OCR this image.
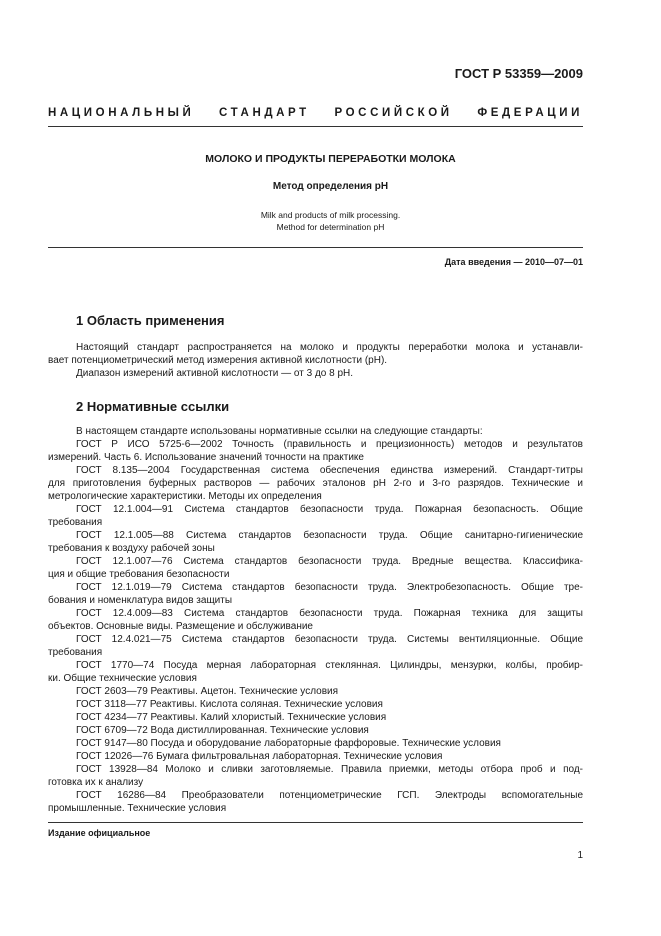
ГОСТ Р 53359—2009
НАЦИОНАЛЬНЫЙ СТАНДАРТ РОССИЙСКОЙ ФЕДЕРАЦИИ
МОЛОКО И ПРОДУКТЫ ПЕРЕРАБОТКИ МОЛОКА
Метод определения рН
Milk and products of milk processing.
Method for determination pH
Дата введения — 2010—07—01
1 Область применения
Настоящий стандарт распространяется на молоко и продукты переработки молока и устанавли-
вает потенциометрический метод измерения активной кислотности (рН).
Диапазон измерений активной кислотности — от 3 до 8 рН.
2 Нормативные ссылки
В настоящем стандарте использованы нормативные ссылки на следующие стандарты:
ГОСТ Р ИСО 5725-6—2002 Точность (правильность и прецизионность) методов и результатов
измерений. Часть 6. Использование значений точности на практике
ГОСТ 8.135—2004 Государственная система обеспечения единства измерений. Стандарт-титры
для приготовления буферных растворов — рабочих эталонов рН 2-го и 3-го разрядов. Технические и
метрологические характеристики. Методы их определения
ГОСТ 12.1.004—91 Система стандартов безопасности труда. Пожарная безопасность. Общие
требования
ГОСТ 12.1.005—88 Система стандартов безопасности труда. Общие санитарно-гигиенические
требования к воздуху рабочей зоны
ГОСТ 12.1.007—76 Система стандартов безопасности труда. Вредные вещества. Классифика-
ция и общие требования безопасности
ГОСТ 12.1.019—79 Система стандартов безопасности труда. Электробезопасность. Общие тре-
бования и номенклатура видов защиты
ГОСТ 12.4.009—83 Система стандартов безопасности труда. Пожарная техника для защиты
объектов. Основные виды. Размещение и обслуживание
ГОСТ 12.4.021—75 Система стандартов безопасности труда. Системы вентиляционные. Общие
требования
ГОСТ 1770—74 Посуда мерная лабораторная стеклянная. Цилиндры, мензурки, колбы, пробир-
ки. Общие технические условия
ГОСТ 2603—79 Реактивы. Ацетон. Технические условия
ГОСТ 3118—77 Реактивы. Кислота соляная. Технические условия
ГОСТ 4234—77 Реактивы. Калий хлористый. Технические условия
ГОСТ 6709—72 Вода дистиллированная. Технические условия
ГОСТ 9147—80 Посуда и оборудование лабораторные фарфоровые. Технические условия
ГОСТ 12026—76 Бумага фильтровальная лабораторная. Технические условия
ГОСТ 13928—84 Молоко и сливки заготовляемые. Правила приемки, методы отбора проб и под-
готовка их к анализу
ГОСТ 16286—84 Преобразователи потенциометрические ГСП. Электроды вспомогательные
промышленные. Технические условия
Издание официальное
1
